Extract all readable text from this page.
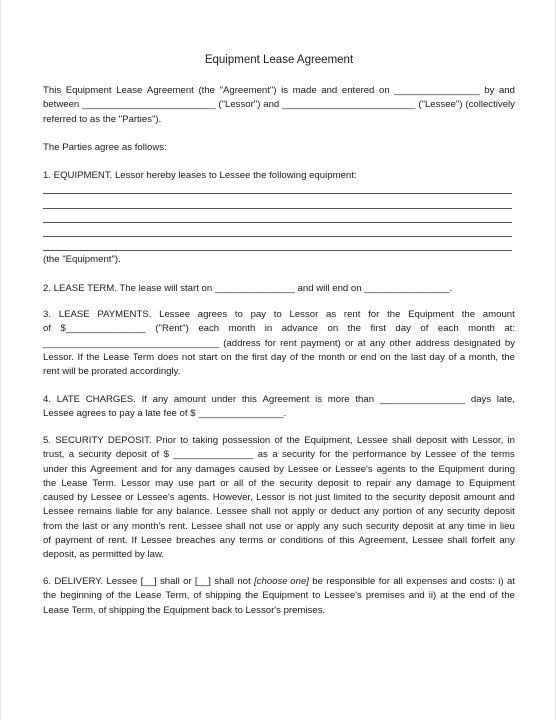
Equipment Lease Agreement
This Equipment Lease Agreement (the "Agreement") is made and entered on ________________ by and
between _________________________ ("Lessor") and _________________________ ("Lessee") (collectively
referred to as the "Parties").
The Parties agree as follows:
1. EQUIPMENT. Lessor hereby leases to Lessee the following equipment:
(the "Equipment").
2. LEASE TERM. The lease will start on _______________ and will end on ________________.
3. LEASE PAYMENTS. Lessee agrees to pay to Lessor as rent for the Equipment the amount
of $_______________ ("Rent") each month in advance on the first day of each month at:
_________________________________ (address for rent payment) or at any other address designated by
Lessor. If the Lease Term does not start on the first day of the month or end on the last day of a month, the
rent will be prorated accordingly.
4. LATE CHARGES. If any amount under this Agreement is more than ________________ days late,
Lessee agrees to pay a late fee of $ ________________.
5. SECURITY DEPOSIT. Prior to taking possession of the Equipment, Lessee shall deposit with Lessor, in
trust, a security deposit of $ _______________ as a security for the performance by Lessee of the terms
under this Agreement and for any damages caused by Lessee or Lessee's agents to the Equipment during
the Lease Term. Lessor may use part or all of the security deposit to repair any damage to Equipment
caused by Lessee or Lessee's agents. However, Lessor is not just limited to the security deposit amount and
Lessee remains liable for any balance. Lessee shall not apply or deduct any portion of any security deposit
from the last or any month's rent. Lessee shall not use or apply any such security deposit at any time in lieu
of payment of rent. If Lessee breaches any terms or conditions of this Agreement, Lessee shall forfeit any
deposit, as permitted by law.
6. DELIVERY. Lessee [__] shall or [__] shall not [choose one] be responsible for all expenses and costs: i) at
the beginning of the Lease Term, of shipping the Equipment to Lessee's premises and ii) at the end of the
Lease Term, of shipping the Equipment back to Lessor's premises.
